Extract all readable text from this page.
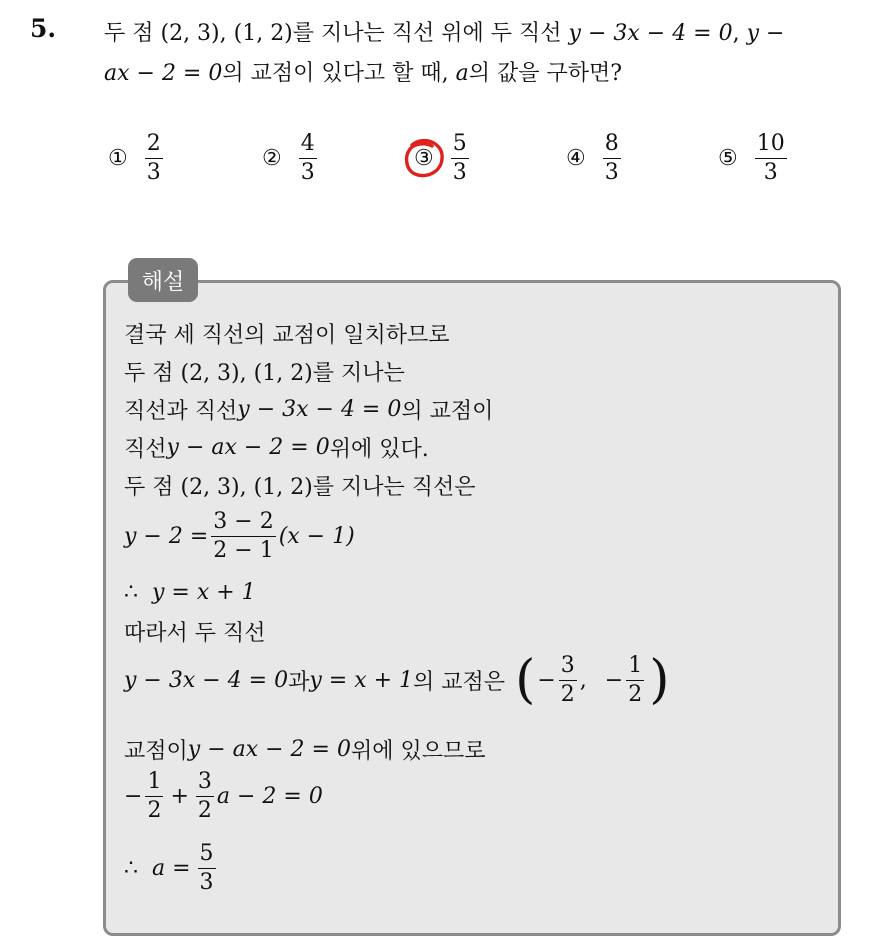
5. 두 점 (2, 3), (1, 2)를 지나는 직선 위에 두 직선 y − 3x − 4 = 0, y −
ax − 2 = 0의 교점이 있다고 할 때, a의 값을 구하면?
① $\frac{2}{3}$	② $\frac{4}{3}$	③ $\frac{5}{3}$	④ $\frac{8}{3}$	⑤ $\frac{10}{3}$
해설
결국 세 직선의 교점이 일치하므로
두 점 (2, 3), (1, 2)를 지나는
직선과 직선 y − 3x − 4 = 0 의 교점이
직선 y − ax − 2 = 0 위에 있다.
두 점 (2, 3), (1, 2)를 지나는 직선은
$y - 2 = \frac{3 - 2}{2 - 1} (x - 1)$
∴ y = x + 1
따라서 두 직선
y − 3x − 4 = 0 과 y = x + 1 의 교점은 ( − $\frac{3}{2}$ , − $\frac{1}{2}$ )
교점이 y − ax − 2 = 0 위에 있으므로
− $\frac{1}{2} + \frac{3}{2}$ a − 2 = 0
∴ $a = \frac{5}{3}$
